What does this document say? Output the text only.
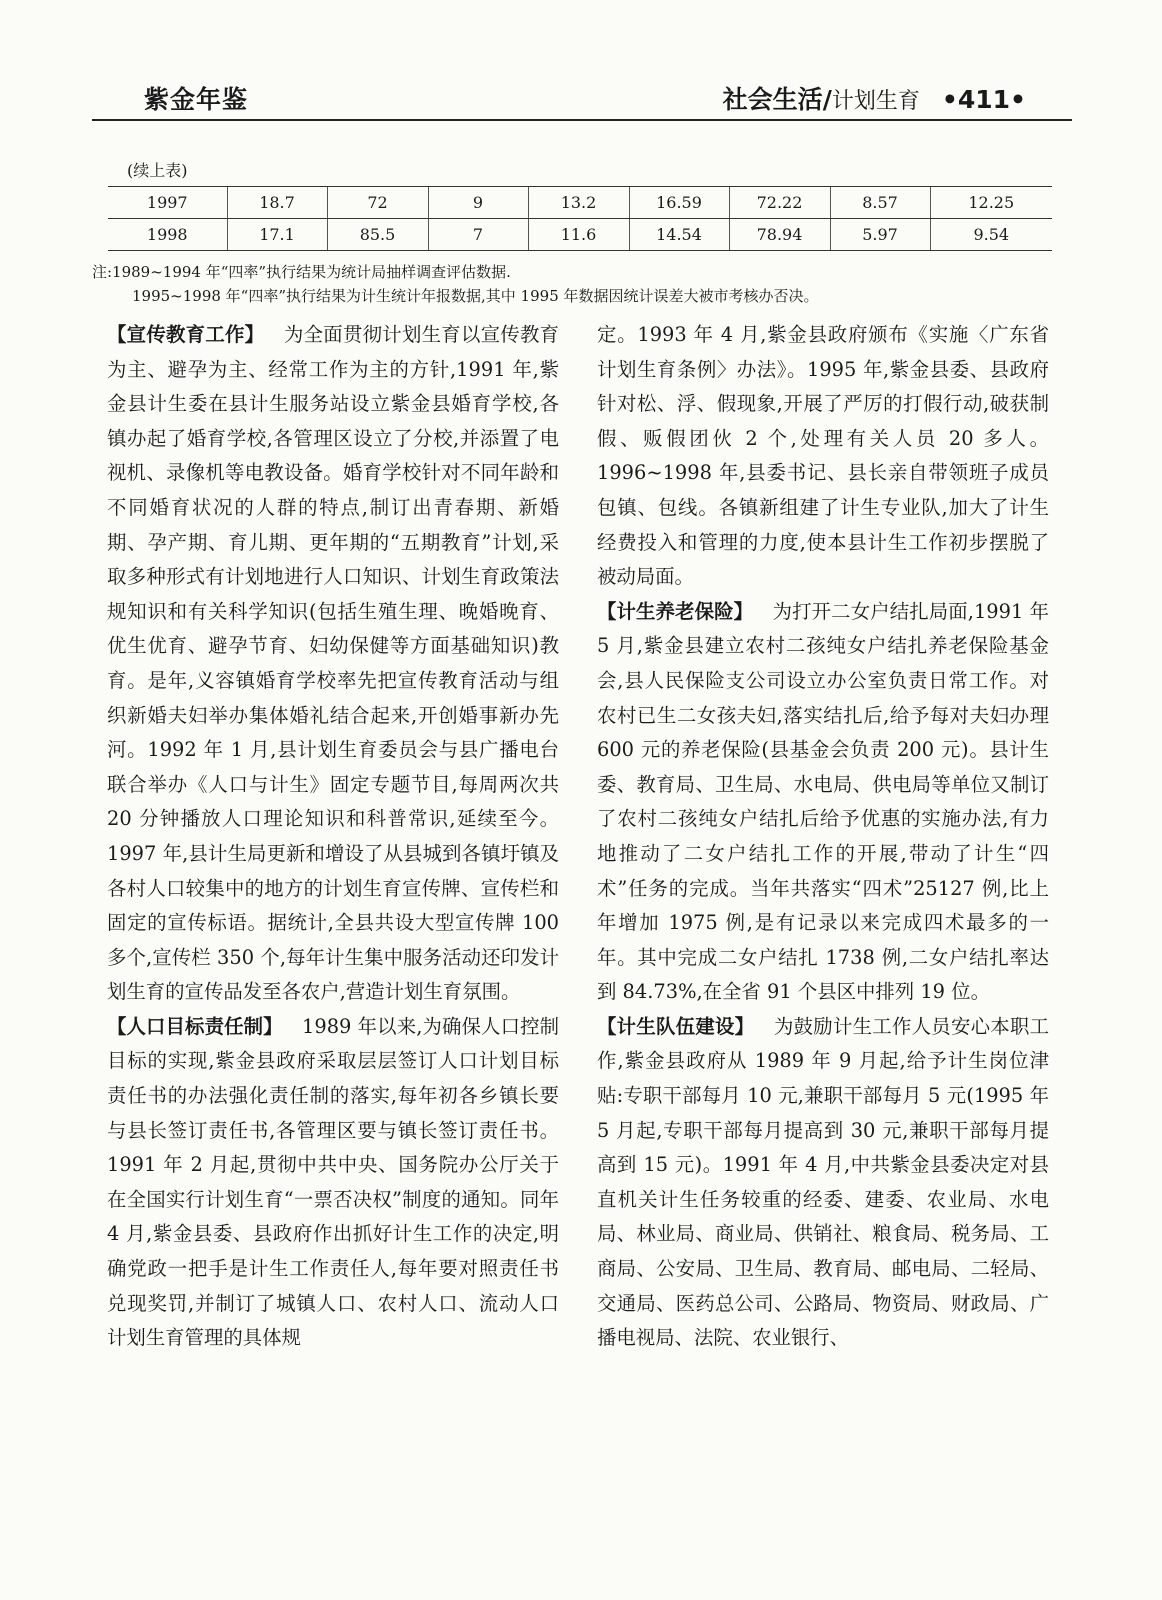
紫金年鉴	社会生活/计划生育 •411•
(续上表)
1997	18.7	72	9	13.2	16.59	72.22	8.57	12.25
1998	17.1	85.5	7	11.6	14.54	78.94	5.97	9.54
注:1989~1994 年“四率”执行结果为统计局抽样调查评估数据.
1995~1998 年“四率”执行结果为计生统计年报数据,其中 1995 年数据因统计误差大被市考核办否决。

【宣传教育工作】  为全面贯彻计划生育以宣传教育为主、避孕为主、经常工作为主的方针,1991 年,紫金县计生委在县计生服务站设立紫金县婚育学校,各镇办起了婚育学校,各管理区设立了分校,并添置了电视机、录像机等电教设备。婚育学校针对不同年龄和不同婚育状况的人群的特点,制订出青春期、新婚期、孕产期、育儿期、更年期的“五期教育”计划,采取多种形式有计划地进行人口知识、计划生育政策法规知识和有关科学知识(包括生殖生理、晚婚晚育、优生优育、避孕节育、妇幼保健等方面基础知识)教育。是年,义容镇婚育学校率先把宣传教育活动与组织新婚夫妇举办集体婚礼结合起来,开创婚事新办先河。1992 年 1 月,县计划生育委员会与县广播电台联合举办《人口与计生》固定专题节目,每周两次共 20 分钟播放人口理论知识和科普常识,延续至今。1997 年,县计生局更新和增设了从县城到各镇圩镇及各村人口较集中的地方的计划生育宣传牌、宣传栏和固定的宣传标语。据统计,全县共设大型宣传牌 100 多个,宣传栏 350 个,每年计生集中服务活动还印发计划生育的宣传品发至各农户,营造计划生育氛围。

【人口目标责任制】  1989 年以来,为确保人口控制目标的实现,紫金县政府采取层层签订人口计划目标责任书的办法强化责任制的落实,每年初各乡镇长要与县长签订责任书,各管理区要与镇长签订责任书。1991 年 2 月起,贯彻中共中央、国务院办公厅关于在全国实行计划生育“一票否决权”制度的通知。同年 4 月,紫金县委、县政府作出抓好计生工作的决定,明确党政一把手是计生工作责任人,每年要对照责任书兑现奖罚,并制订了城镇人口、农村人口、流动人口计划生育管理的具体规

定。1993 年 4 月,紫金县政府颁布《实施〈广东省计划生育条例〉办法》。1995 年,紫金县委、县政府针对松、浮、假现象,开展了严厉的打假行动,破获制假、贩假团伙 2 个,处理有关人员 20 多人。1996~1998 年,县委书记、县长亲自带领班子成员包镇、包线。各镇新组建了计生专业队,加大了计生经费投入和管理的力度,使本县计生工作初步摆脱了被动局面。

【计生养老保险】  为打开二女户结扎局面,1991 年 5 月,紫金县建立农村二孩纯女户结扎养老保险基金会,县人民保险支公司设立办公室负责日常工作。对农村已生二女孩夫妇,落实结扎后,给予每对夫妇办理 600 元的养老保险(县基金会负责 200 元)。县计生委、教育局、卫生局、水电局、供电局等单位又制订了农村二孩纯女户结扎后给予优惠的实施办法,有力地推动了二女户结扎工作的开展,带动了计生“四术”任务的完成。当年共落实“四术”25127 例,比上年增加 1975 例,是有记录以来完成四术最多的一年。其中完成二女户结扎 1738 例,二女户结扎率达到 84.73%,在全省 91 个县区中排列 19 位。

【计生队伍建设】  为鼓励计生工作人员安心本职工作,紫金县政府从 1989 年 9 月起,给予计生岗位津贴:专职干部每月 10 元,兼职干部每月 5 元(1995 年 5 月起,专职干部每月提高到 30 元,兼职干部每月提高到 15 元)。1991 年 4 月,中共紫金县委决定对县直机关计生任务较重的经委、建委、农业局、水电局、林业局、商业局、供销社、粮食局、税务局、工商局、公安局、卫生局、教育局、邮电局、二轻局、交通局、医药总公司、公路局、物资局、财政局、广播电视局、法院、农业银行、
